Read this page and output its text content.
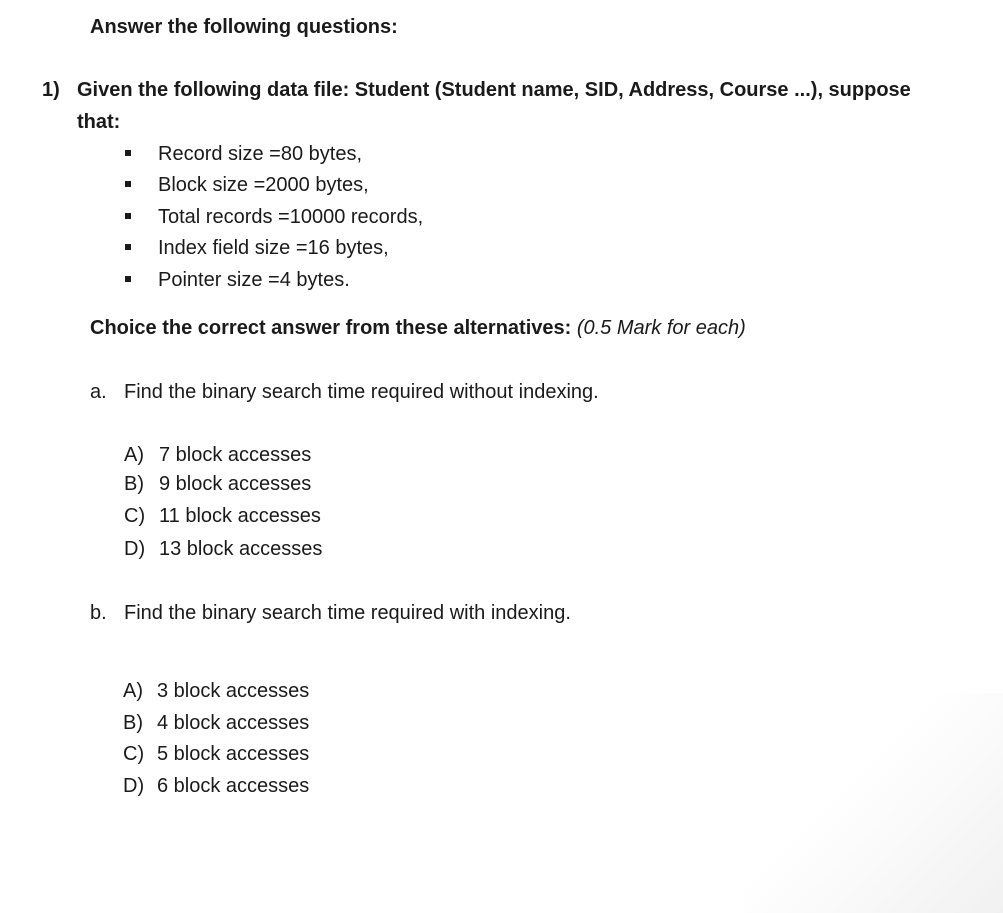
Answer the following questions:
1) Given the following data file: Student (Student name, SID, Address, Course ...), suppose
that:
Record size =80 bytes,
Block size =2000 bytes,
Total records =10000 records,
Index field size =16 bytes,
Pointer size =4 bytes.
Choice the correct answer from these alternatives: (0.5 Mark for each)
a. Find the binary search time required without indexing.
A) 7 block accesses
B) 9 block accesses
C) 11 block accesses
D) 13 block accesses
b. Find the binary search time required with indexing.
A) 3 block accesses
B) 4 block accesses
C) 5 block accesses
D) 6 block accesses
